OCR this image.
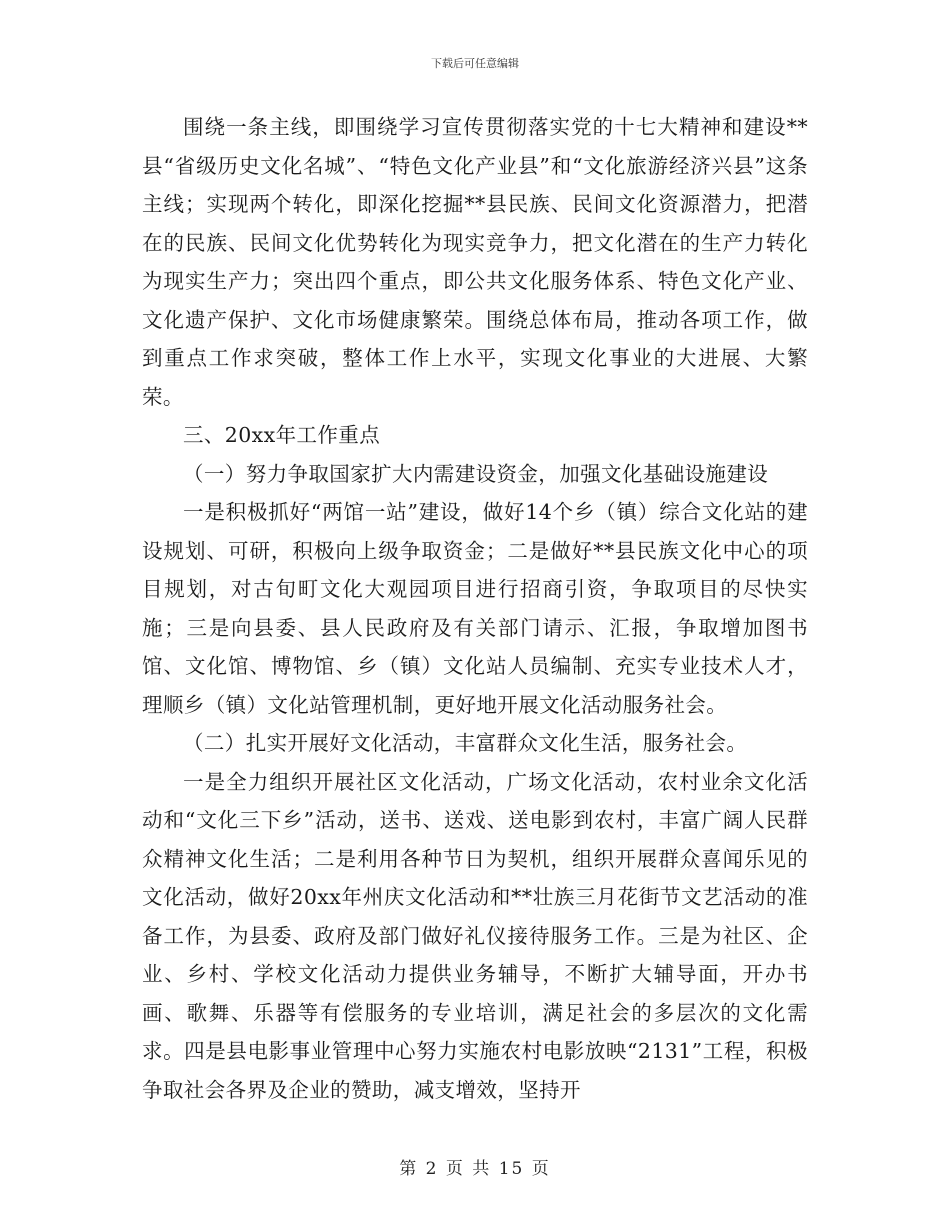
下载后可任意编辑

围绕一条主线，即围绕学习宣传贯彻落实党的十七大精神和建设**县“省级历史文化名城”、“特色文化产业县”和“文化旅游经济兴县”这条主线；实现两个转化，即深化挖掘**县民族、民间文化资源潜力，把潜在的民族、民间文化优势转化为现实竞争力，把文化潜在的生产力转化为现实生产力；突出四个重点，即公共文化服务体系、特色文化产业、文化遗产保护、文化市场健康繁荣。围绕总体布局，推动各项工作，做到重点工作求突破，整体工作上水平，实现文化事业的大进展、大繁荣。

三、20xx年工作重点

（一）努力争取国家扩大内需建设资金，加强文化基础设施建设

一是积极抓好“两馆一站”建设，做好14个乡（镇）综合文化站的建设规划、可研，积极向上级争取资金；二是做好**县民族文化中心的项目规划，对古旬町文化大观园项目进行招商引资，争取项目的尽快实施；三是向县委、县人民政府及有关部门请示、汇报，争取增加图书馆、文化馆、博物馆、乡（镇）文化站人员编制、充实专业技术人才，理顺乡（镇）文化站管理机制，更好地开展文化活动服务社会。

（二）扎实开展好文化活动，丰富群众文化生活，服务社会。

一是全力组织开展社区文化活动，广场文化活动，农村业余文化活动和“文化三下乡”活动，送书、送戏、送电影到农村，丰富广阔人民群众精神文化生活；二是利用各种节日为契机，组织开展群众喜闻乐见的文化活动，做好20xx年州庆文化活动和**壮族三月花街节文艺活动的准备工作，为县委、政府及部门做好礼仪接待服务工作。三是为社区、企业、乡村、学校文化活动力提供业务辅导，不断扩大辅导面，开办书画、歌舞、乐器等有偿服务的专业培训，满足社会的多层次的文化需求。四是县电影事业管理中心努力实施农村电影放映“2131”工程，积极争取社会各界及企业的赞助，减支增效，坚持开

第 2 页 共 15 页
